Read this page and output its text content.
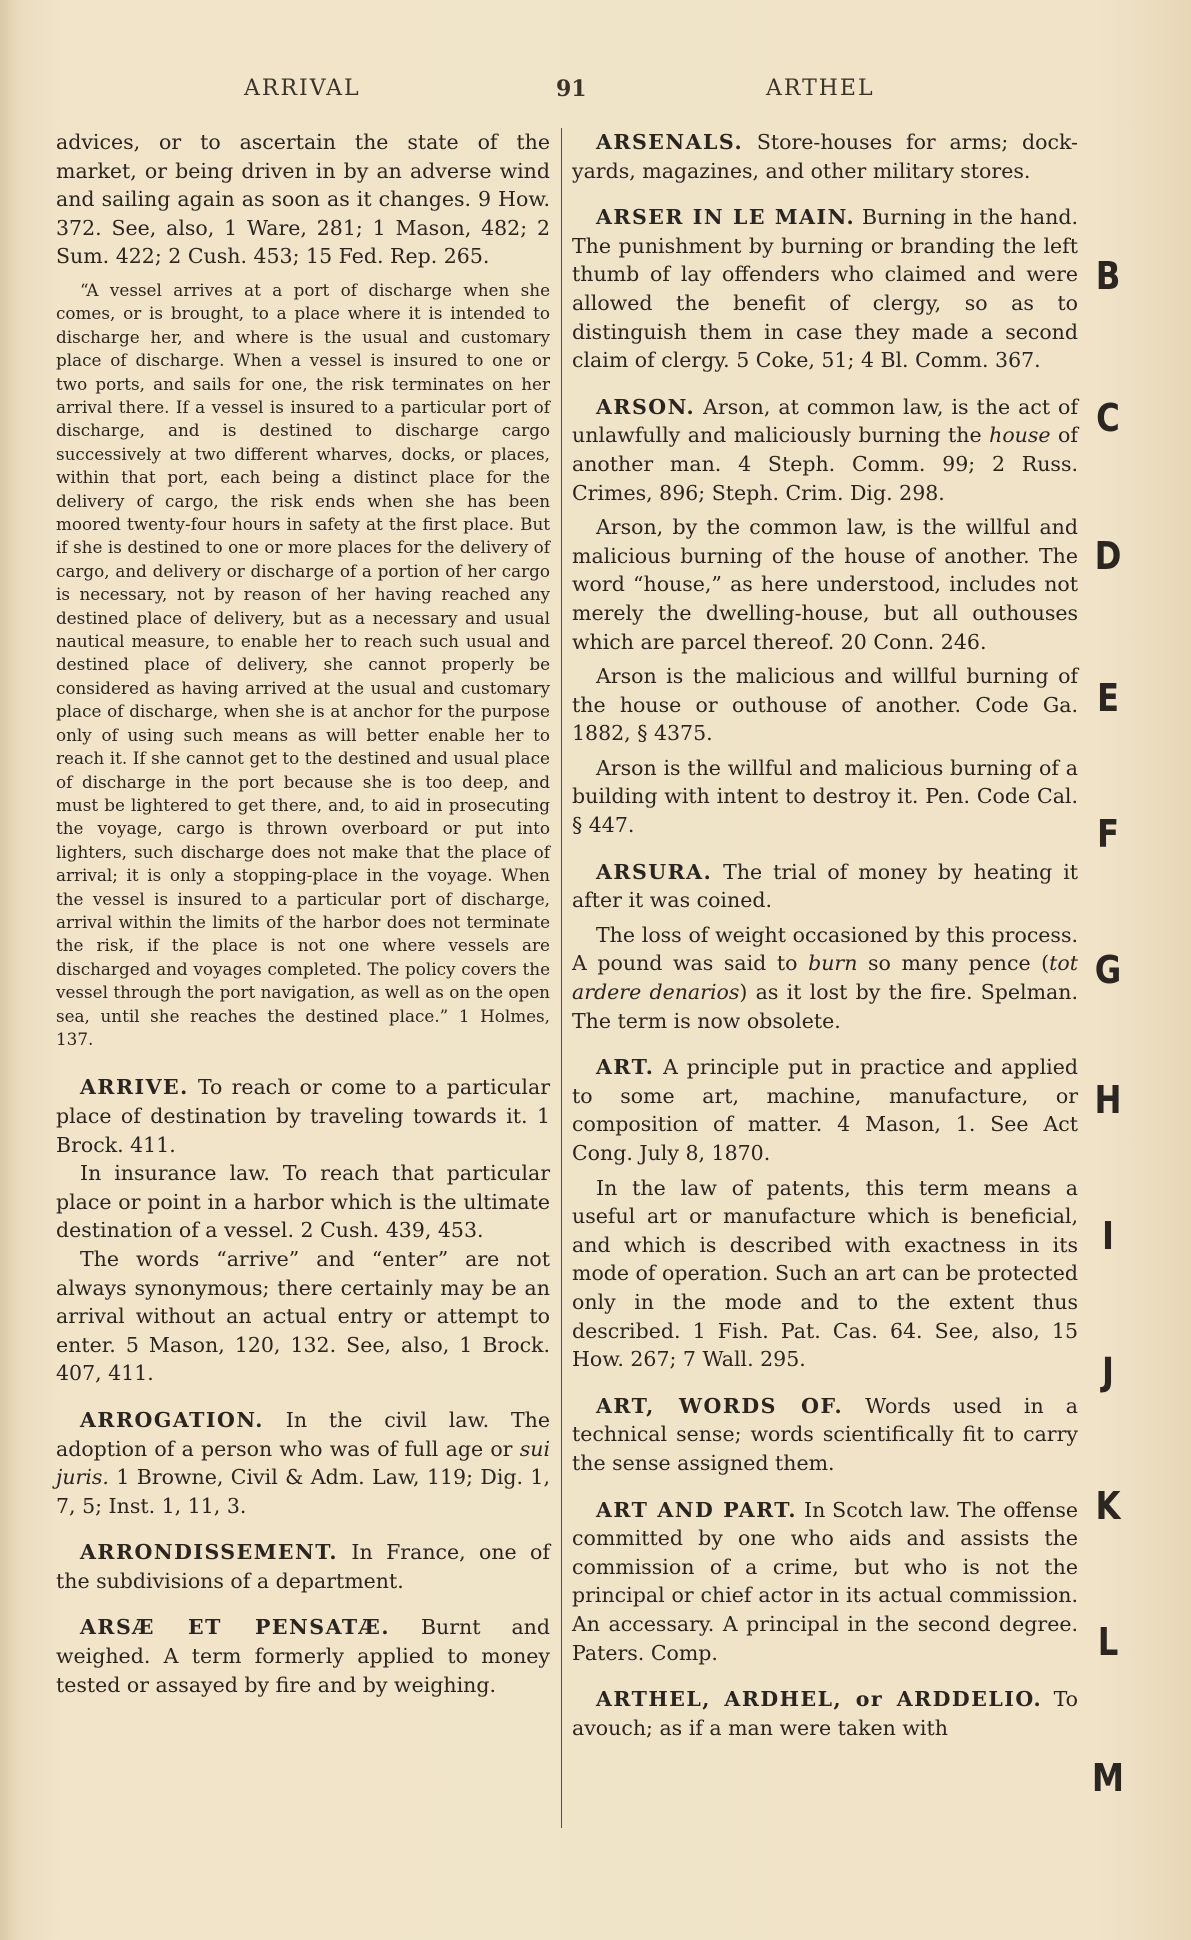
ARRIVAL	91	ARTHEL

advices, or to ascertain the state of the market, or being driven in by an adverse wind and sailing again as soon as it changes. 9 How. 372. See, also, 1 Ware, 281; 1 Mason, 482; 2 Sum. 422; 2 Cush. 453; 15 Fed. Rep. 265.

“A vessel arrives at a port of discharge when she comes, or is brought, to a place where it is intended to discharge her, and where is the usual and customary place of discharge. When a vessel is insured to one or two ports, and sails for one, the risk terminates on her arrival there. If a vessel is insured to a particular port of discharge, and is destined to discharge cargo successively at two different wharves, docks, or places, within that port, each being a distinct place for the delivery of cargo, the risk ends when she has been moored twenty-four hours in safety at the first place. But if she is destined to one or more places for the delivery of cargo, and delivery or discharge of a portion of her cargo is necessary, not by reason of her having reached any destined place of delivery, but as a necessary and usual nautical measure, to enable her to reach such usual and destined place of delivery, she cannot properly be considered as having arrived at the usual and customary place of discharge, when she is at anchor for the purpose only of using such means as will better enable her to reach it. If she cannot get to the destined and usual place of discharge in the port because she is too deep, and must be lightered to get there, and, to aid in prosecuting the voyage, cargo is thrown overboard or put into lighters, such discharge does not make that the place of arrival; it is only a stopping-place in the voyage. When the vessel is insured to a particular port of discharge, arrival within the limits of the harbor does not terminate the risk, if the place is not one where vessels are discharged and voyages completed. The policy covers the vessel through the port navigation, as well as on the open sea, until she reaches the destined place.” 1 Holmes, 137.

ARRIVE. To reach or come to a particular place of destination by traveling towards it. 1 Brock. 411.

In insurance law. To reach that particular place or point in a harbor which is the ultimate destination of a vessel. 2 Cush. 439, 453.

The words “arrive” and “enter” are not always synonymous; there certainly may be an arrival without an actual entry or attempt to enter. 5 Mason, 120, 132. See, also, 1 Brock. 407, 411.

ARROGATION. In the civil law. The adoption of a person who was of full age or sui juris. 1 Browne, Civil & Adm. Law, 119; Dig. 1, 7, 5; Inst. 1, 11, 3.

ARRONDISSEMENT. In France, one of the subdivisions of a department.

ARSÆ ET PENSATÆ. Burnt and weighed. A term formerly applied to money tested or assayed by fire and by weighing.

ARSENALS. Store-houses for arms; dock-yards, magazines, and other military stores.

ARSER IN LE MAIN. Burning in the hand. The punishment by burning or branding the left thumb of lay offenders who claimed and were allowed the benefit of clergy, so as to distinguish them in case they made a second claim of clergy. 5 Coke, 51; 4 Bl. Comm. 367.

ARSON. Arson, at common law, is the act of unlawfully and maliciously burning the house of another man. 4 Steph. Comm. 99; 2 Russ. Crimes, 896; Steph. Crim. Dig. 298.

Arson, by the common law, is the willful and malicious burning of the house of another. The word “house,” as here understood, includes not merely the dwelling-house, but all outhouses which are parcel thereof. 20 Conn. 246.

Arson is the malicious and willful burning of the house or outhouse of another. Code Ga. 1882, § 4375.

Arson is the willful and malicious burning of a building with intent to destroy it. Pen. Code Cal. § 447.

ARSURA. The trial of money by heating it after it was coined.

The loss of weight occasioned by this process. A pound was said to burn so many pence (tot ardere denarios) as it lost by the fire. Spelman. The term is now obsolete.

ART. A principle put in practice and applied to some art, machine, manufacture, or composition of matter. 4 Mason, 1. See Act Cong. July 8, 1870.

In the law of patents, this term means a useful art or manufacture which is beneficial, and which is described with exactness in its mode of operation. Such an art can be protected only in the mode and to the extent thus described. 1 Fish. Pat. Cas. 64. See, also, 15 How. 267; 7 Wall. 295.

ART, WORDS OF. Words used in a technical sense; words scientifically fit to carry the sense assigned them.

ART AND PART. In Scotch law. The offense committed by one who aids and assists the commission of a crime, but who is not the principal or chief actor in its actual commission. An accessary. A principal in the second degree. Paters. Comp.

ARTHEL, ARDHEL, or ARDDELIO. To avouch; as if a man were taken with

B
C
D
E
F
G
H
I
J
K
L
M
